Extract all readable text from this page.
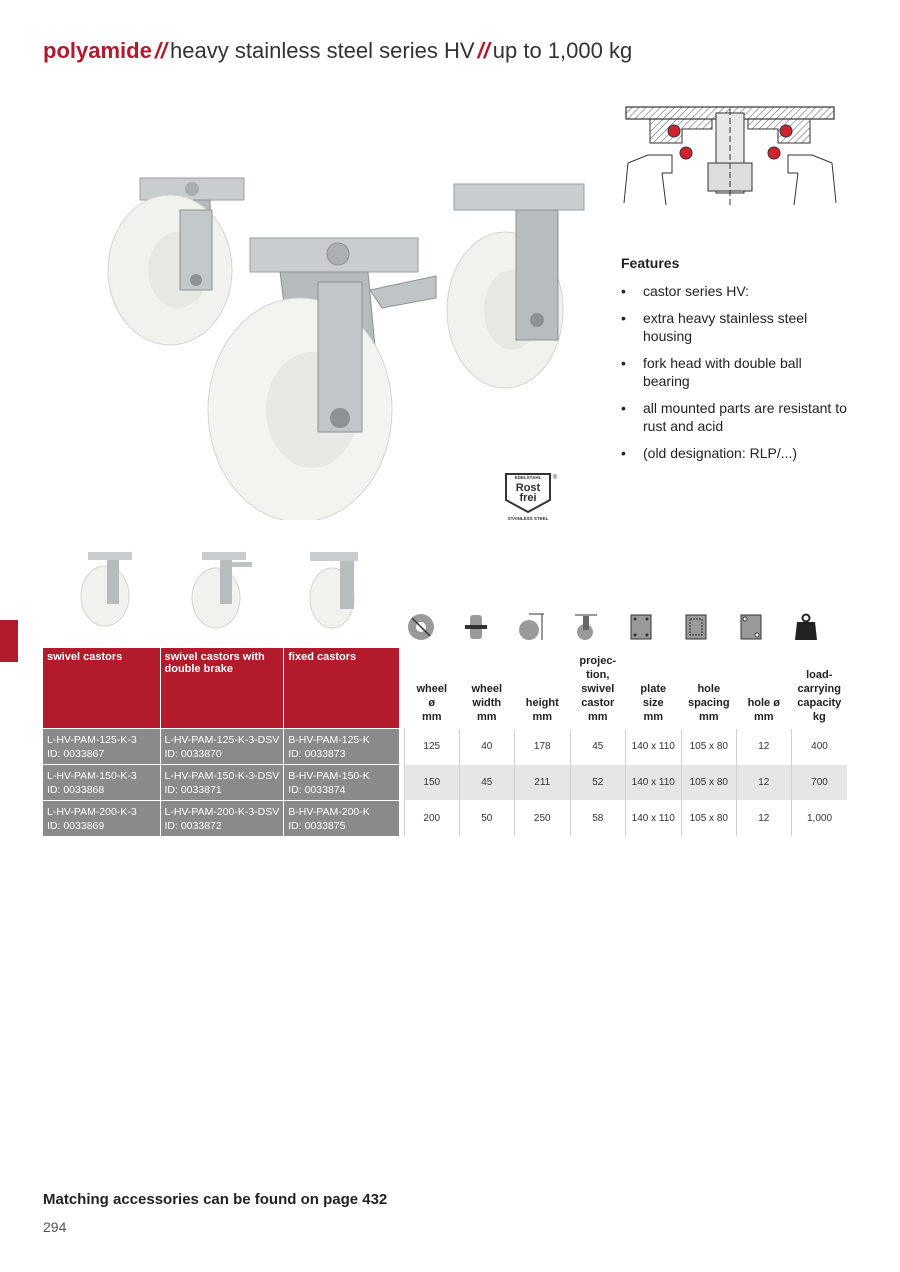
polyamide // heavy stainless steel series HV // up to 1,000 kg
EDELSTAHL
Rost
frei
®
STAINLESS STEEL
Features
• castor series HV:
• extra heavy stainless steel housing
• fork head with double ball bearing
• all mounted parts are resistant to rust and acid
• (old designation: RLP/...)
swivel castors	swivel castors with double brake	fixed castors		wheel
ø
mm	wheel
width
mm	height
mm	projec-
tion,
swivel
castor
mm	plate
size
mm	hole
spacing
mm	hole ø
mm	load-
carrying
capacity
kg
L-HV-PAM-125-K-3
ID: 0033867	L-HV-PAM-125-K-3-DSV
ID: 0033870	B-HV-PAM-125-K
ID: 0033873		125	40	178	45	140 x 110	105 x 80	12	400
L-HV-PAM-150-K-3
ID: 0033868	L-HV-PAM-150-K-3-DSV
ID: 0033871	B-HV-PAM-150-K
ID: 0033874		150	45	211	52	140 x 110	105 x 80	12	700
L-HV-PAM-200-K-3
ID: 0033869	L-HV-PAM-200-K-3-DSV
ID: 0033872	B-HV-PAM-200-K
ID: 0033875		200	50	250	58	140 x 110	105 x 80	12	1,000
Matching accessories can be found on page 432
294
